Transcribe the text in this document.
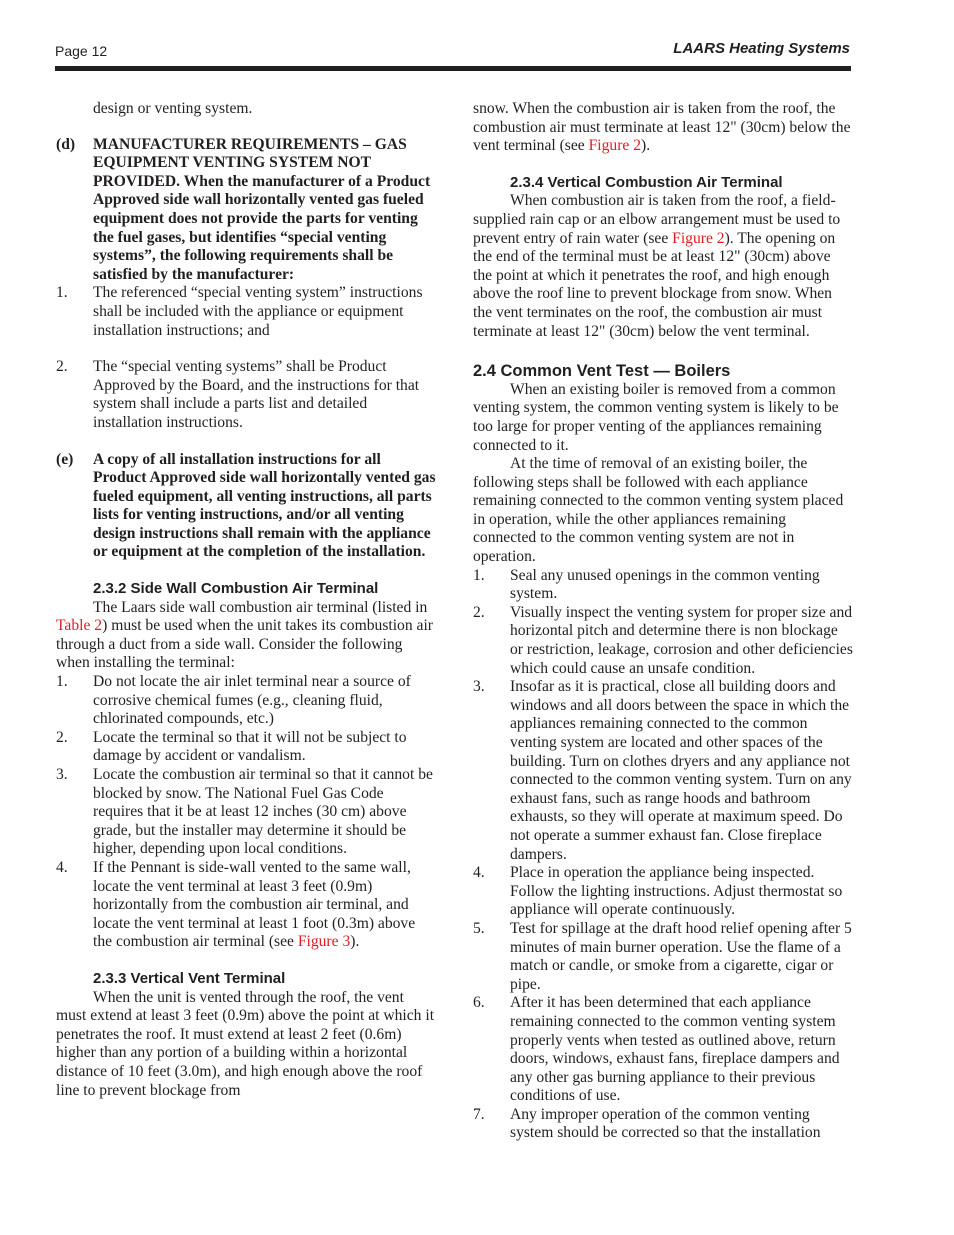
Page 12	LAARS Heating Systems

design or venting system.

(d) MANUFACTURER REQUIREMENTS – GAS EQUIPMENT VENTING SYSTEM NOT PROVIDED. When the manufacturer of a Product Approved side wall horizontally vented gas fueled equipment does not provide the parts for venting the fuel gases, but identifies “special venting systems”, the following requirements shall be satisfied by the manufacturer:
1. The referenced “special venting system” instructions shall be included with the appliance or equipment installation instructions; and
2. The “special venting systems” shall be Product Approved by the Board, and the instructions for that system shall include a parts list and detailed installation instructions.
(e) A copy of all installation instructions for all Product Approved side wall horizontally vented gas fueled equipment, all venting instructions, all parts lists for venting instructions, and/or all venting design instructions shall remain with the appliance or equipment at the completion of the installation.

2.3.2 Side Wall Combustion Air Terminal

The Laars side wall combustion air terminal (listed in Table 2) must be used when the unit takes its combustion air through a duct from a side wall. Consider the following when installing the terminal:

1. Do not locate the air inlet terminal near a source of corrosive chemical fumes (e.g., cleaning fluid, chlorinated compounds, etc.)
2. Locate the terminal so that it will not be subject to damage by accident or vandalism.
3. Locate the combustion air terminal so that it cannot be blocked by snow. The National Fuel Gas Code requires that it be at least 12 inches (30 cm) above grade, but the installer may determine it should be higher, depending upon local conditions.
4. If the Pennant is side-wall vented to the same wall, locate the vent terminal at least 3 feet (0.9m) horizontally from the combustion air terminal, and locate the vent terminal at least 1 foot (0.3m) above the combustion air terminal (see Figure 3).

2.3.3 Vertical Vent Terminal

When the unit is vented through the roof, the vent must extend at least 3 feet (0.9m) above the point at which it penetrates the roof. It must extend at least 2 feet (0.6m) higher than any portion of a building within a horizontal distance of 10 feet (3.0m), and high enough above the roof line to prevent blockage from

snow. When the combustion air is taken from the roof, the combustion air must terminate at least 12" (30cm) below the vent terminal (see Figure 2).

2.3.4 Vertical Combustion Air Terminal

When combustion air is taken from the roof, a field-supplied rain cap or an elbow arrangement must be used to prevent entry of rain water (see Figure 2). The opening on the end of the terminal must be at least 12" (30cm) above the point at which it penetrates the roof, and high enough above the roof line to prevent blockage from snow. When the vent terminates on the roof, the combustion air must terminate at least 12" (30cm) below the vent terminal.

2.4 Common Vent Test — Boilers

When an existing boiler is removed from a common venting system, the common venting system is likely to be too large for proper venting of the appliances remaining connected to it.

At the time of removal of an existing boiler, the following steps shall be followed with each appliance remaining connected to the common venting system placed in operation, while the other appliances remaining connected to the common venting system are not in operation.

1. Seal any unused openings in the common venting system.
2. Visually inspect the venting system for proper size and horizontal pitch and determine there is non blockage or restriction, leakage, corrosion and other deficiencies which could cause an unsafe condition.
3. Insofar as it is practical, close all building doors and windows and all doors between the space in which the appliances remaining connected to the common venting system are located and other spaces of the building. Turn on clothes dryers and any appliance not connected to the common venting system. Turn on any exhaust fans, such as range hoods and bathroom exhausts, so they will operate at maximum speed. Do not operate a summer exhaust fan. Close fireplace dampers.
4. Place in operation the appliance being inspected. Follow the lighting instructions. Adjust thermostat so appliance will operate continuously.
5. Test for spillage at the draft hood relief opening after 5 minutes of main burner operation. Use the flame of a match or candle, or smoke from a cigarette, cigar or pipe.
6. After it has been determined that each appliance remaining connected to the common venting system properly vents when tested as outlined above, return doors, windows, exhaust fans, fireplace dampers and any other gas burning appliance to their previous conditions of use.
7. Any improper operation of the common venting system should be corrected so that the installation
